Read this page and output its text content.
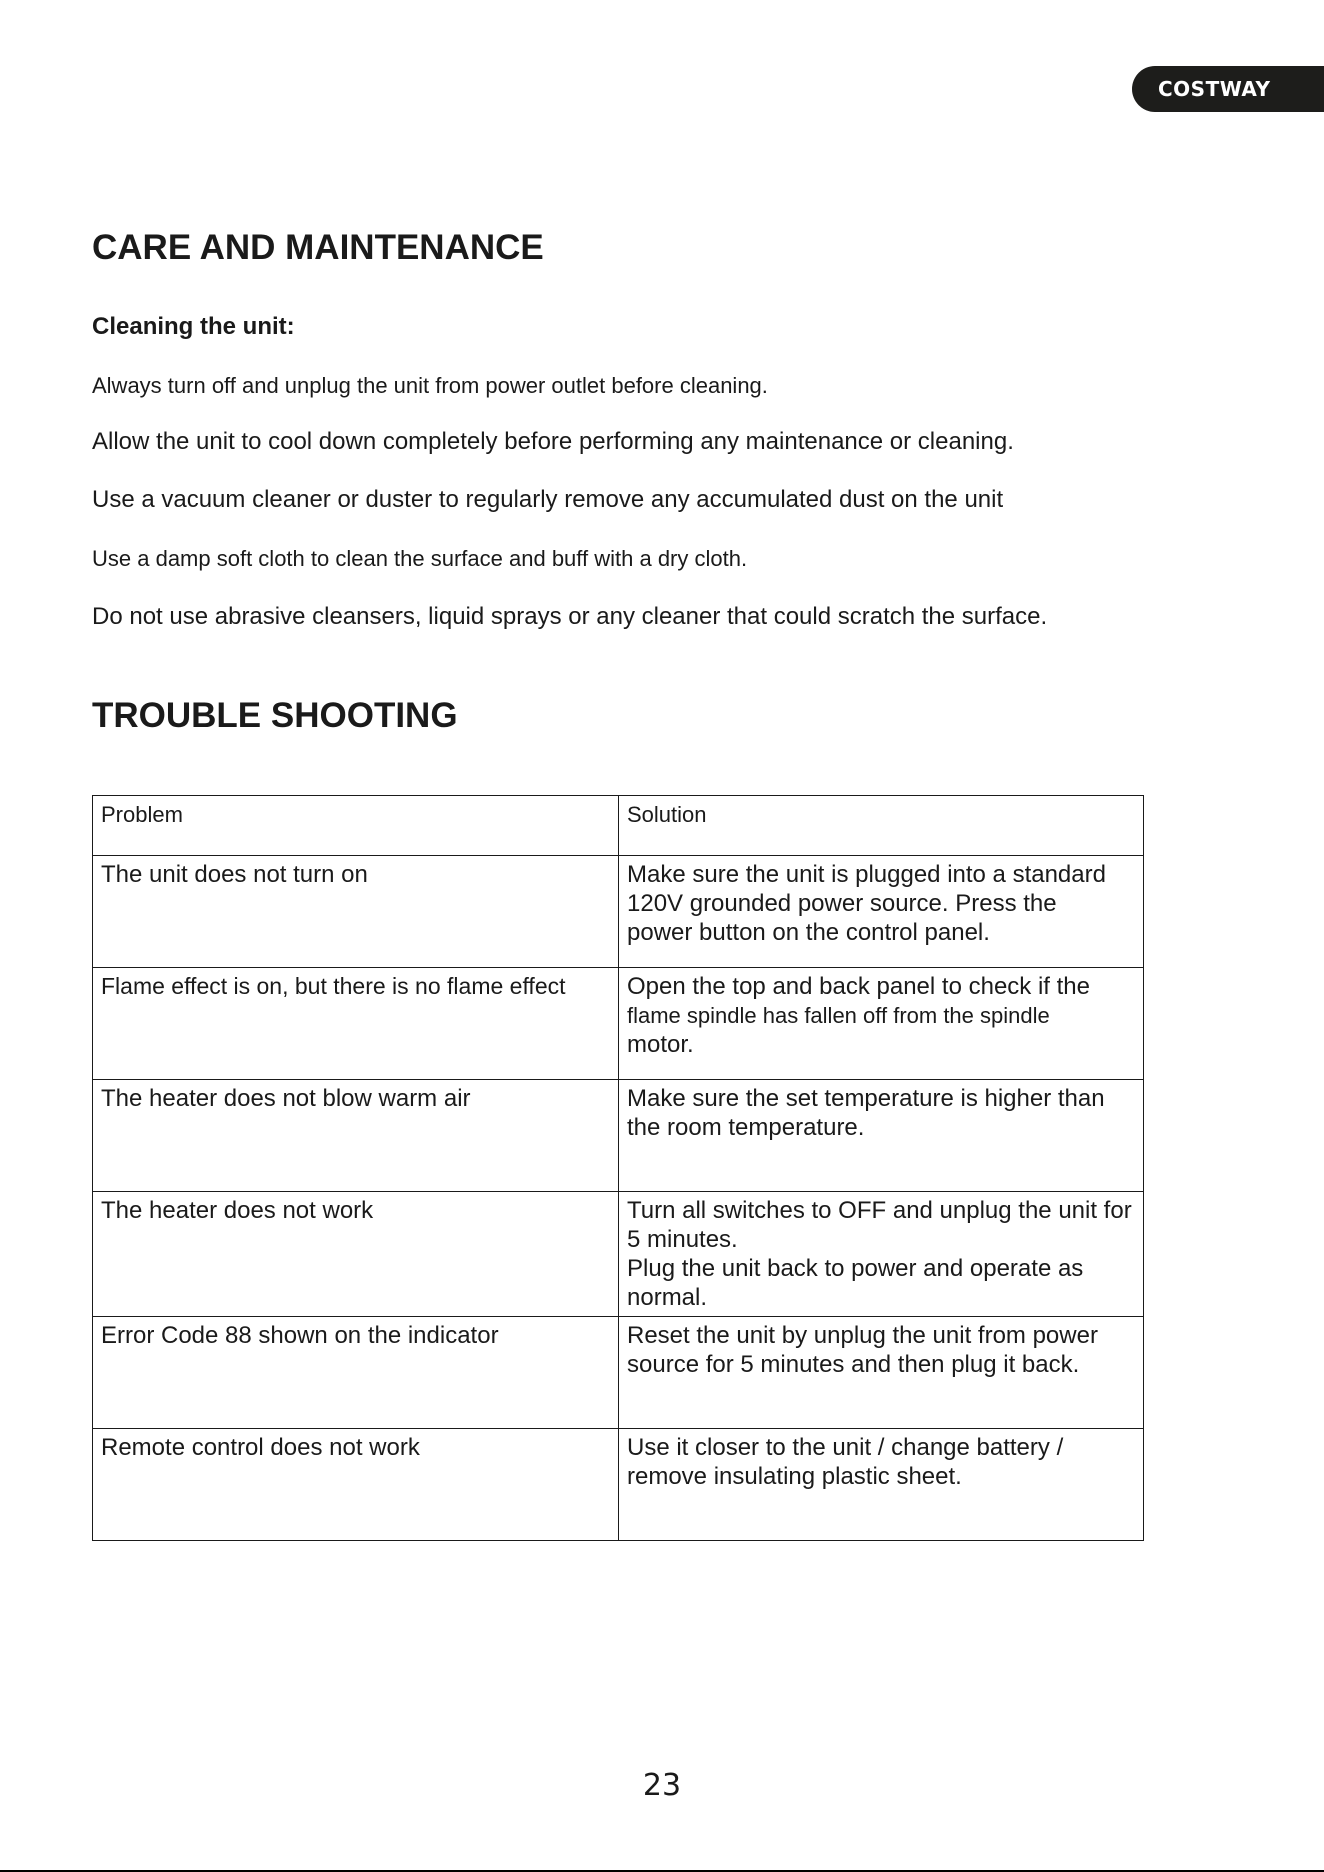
COSTWAY
CARE AND MAINTENANCE
Cleaning the unit:

Always turn off and unplug the unit from power outlet before cleaning.

Allow the unit to cool down completely before performing any maintenance or cleaning.

Use a vacuum cleaner or duster to regularly remove any accumulated dust on the unit

Use a damp soft cloth to clean the surface and buff with a dry cloth.

Do not use abrasive cleansers, liquid sprays or any cleaner that could scratch the surface.

TROUBLE SHOOTING
Problem	Solution
The unit does not turn on	Make sure the unit is plugged into a standard
120V grounded power source. Press the
power button on the control panel.

Flame effect is on, but there is no flame effect	Open the top and back panel to check if the
flame spindle has fallen off from the spindle
motor.

The heater does not blow warm air	Make sure the set temperature is higher than
the room temperature.

The heater does not work	Turn all switches to OFF and unplug the unit for
5 minutes.
Plug the unit back to power and operate as
normal.

Error Code 88 shown on the indicator	Reset the unit by unplug the unit from power
source for 5 minutes and then plug it back.

Remote control does not work	Use it closer to the unit / change battery /
remove insulating plastic sheet.
23
